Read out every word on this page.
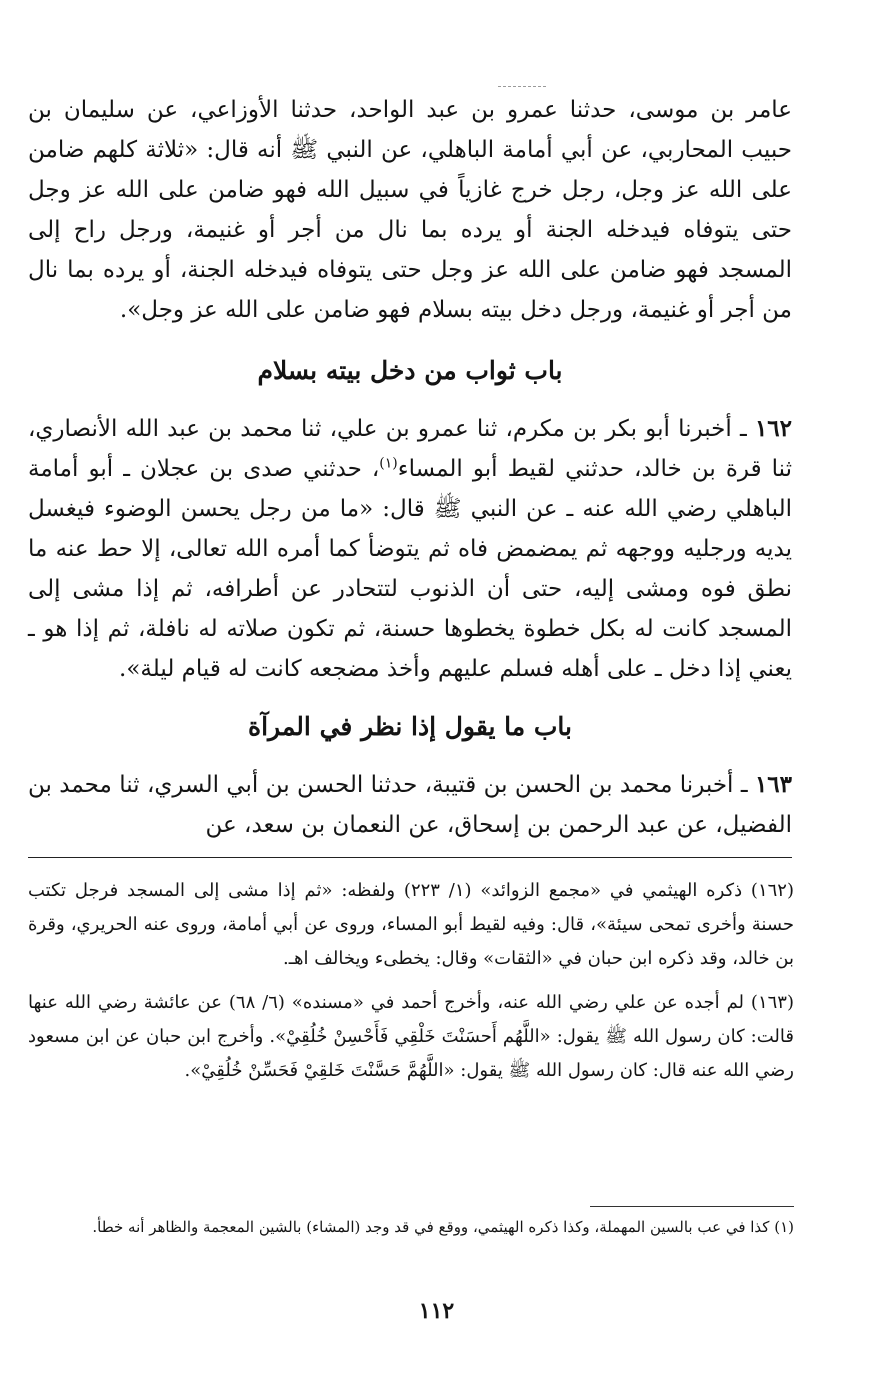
عامر بن موسى، حدثنا عمرو بن عبد الواحد، حدثنا الأوزاعي، عن سليمان بن حبيب المحاربي، عن أبي أمامة الباهلي، عن النبي ﷺ أنه قال: «ثلاثة كلهم ضامن على الله عز وجل، رجل خرج غازياً في سبيل الله فهو ضامن على الله عز وجل حتى يتوفاه فيدخله الجنة أو يرده بما نال من أجر أو غنيمة، ورجل راح إلى المسجد فهو ضامن على الله عز وجل حتى يتوفاه فيدخله الجنة، أو يرده بما نال من أجر أو غنيمة، ورجل دخل بيته بسلام فهو ضامن على الله عز وجل».

باب ثواب من دخل بيته بسلام

١٦٢ ـ أخبرنا أبو بكر بن مكرم، ثنا عمرو بن علي، ثنا محمد بن عبد الله الأنصاري، ثنا قرة بن خالد، حدثني لقيط أبو المساء$^{(١)}$، حدثني صدى بن عجلان ـ أبو أمامة الباهلي رضي الله عنه ـ عن النبي ﷺ قال: «ما من رجل يحسن الوضوء فيغسل يديه ورجليه ووجهه ثم يمضمض فاه ثم يتوضأ كما أمره الله تعالى، إلا حط عنه ما نطق فوه ومشى إليه، حتى أن الذنوب لتتحادر عن أطرافه، ثم إذا مشى إلى المسجد كانت له بكل خطوة يخطوها حسنة، ثم تكون صلاته له نافلة، ثم إذا هو ـ يعني إذا دخل ـ على أهله فسلم عليهم وأخذ مضجعه كانت له قيام ليلة».

باب ما يقول إذا نظر في المرآة

١٦٣ ـ أخبرنا محمد بن الحسن بن قتيبة، حدثنا الحسن بن أبي السري، ثنا محمد بن الفضيل، عن عبد الرحمن بن إسحاق، عن النعمان بن سعد، عن

(١٦٢) ذكره الهيثمي في «مجمع الزوائد» (١/ ٢٢٣) ولفظه: «ثم إذا مشى إلى المسجد فرجل تكتب حسنة وأخرى تمحى سيئة»، قال: وفيه لقيط أبو المساء، وروى عن أبي أمامة، وروى عنه الحريري، وقرة بن خالد، وقد ذكره ابن حبان في «الثقات» وقال: يخطىء ويخالف اهـ.

(١٦٣) لم أجده عن علي رضي الله عنه، وأخرج أحمد في «مسنده» (٦/ ٦٨) عن عائشة رضي الله عنها قالت: كان رسول الله ﷺ يقول: «اللَّهُم أَحسَنْتَ خَلْقِي فَأَحْسِنْ خُلُقِيْ». وأخرج ابن حبان عن ابن مسعود رضي الله عنه قال: كان رسول الله ﷺ يقول: «اللَّهُمَّ حَسَّنْتَ خَلقِيْ فَحَسِّنْ خُلُقِيْ».

(١) كذا في عب بالسين المهملة، وكذا ذكره الهيثمي، ووقع في قد وجد (المشاء) بالشين المعجمة والظاهر أنه خطأ.

١١٢
